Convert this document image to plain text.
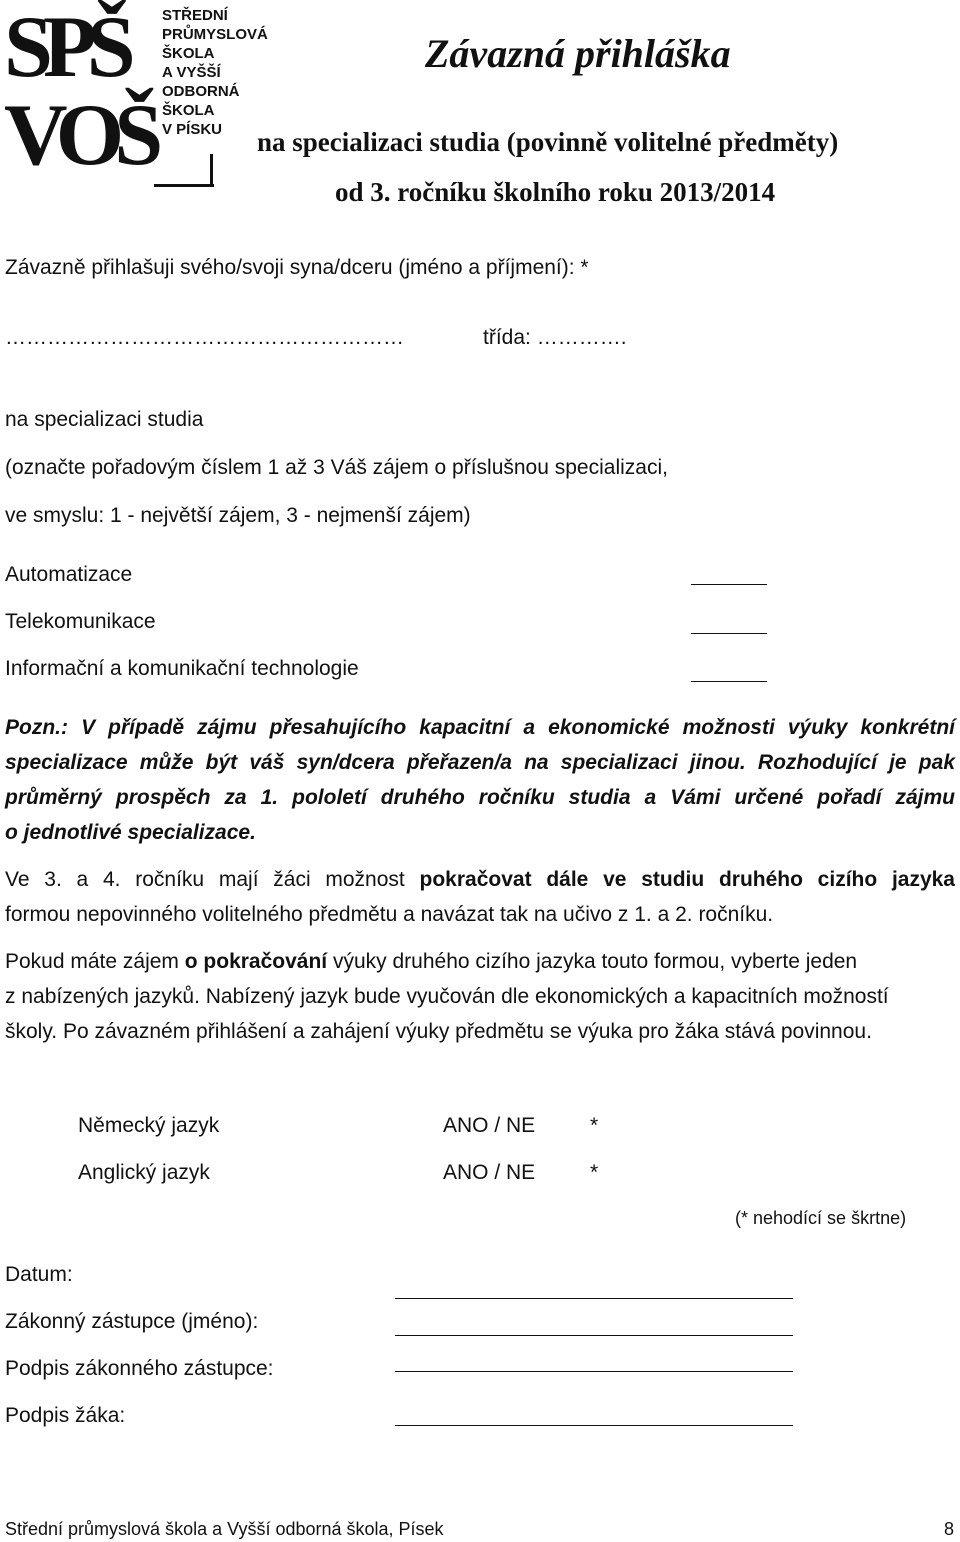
SPŠ VOŠ
STŘEDNÍ
PRŮMYSLOVÁ
ŠKOLA
A VYŠŠÍ
ODBORNÁ
ŠKOLA
V PÍSKU
Závazná přihláška
na specializaci studia (povinně volitelné předměty)
od 3. ročníku školního roku 2013/2014
Závazně přihlašuji svého/svoji syna/dceru (jméno a příjmení): *
…………………………………………………	třída: ………….
na specializaci studia
(označte pořadovým číslem 1 až 3 Váš zájem o příslušnou specializaci,
ve smyslu: 1 - největší zájem, 3 - nejmenší zájem)
Automatizace
Telekomunikace
Informační a komunikační technologie
Pozn.: V případě zájmu přesahujícího kapacitní a ekonomické možnosti výuky konkrétní
specializace může být váš syn/dcera přeřazen/a na specializaci jinou. Rozhodující je pak
průměrný prospěch za 1. pololetí druhého ročníku studia a Vámi určené pořadí zájmu
o jednotlivé specializace.
Ve 3. a 4. ročníku mají žáci možnost pokračovat dále ve studiu druhého cizího jazyka
formou nepovinného volitelného předmětu a navázat tak na učivo z 1. a 2. ročníku.
Pokud máte zájem o pokračování výuky druhého cizího jazyka touto formou, vyberte jeden
z nabízených jazyků. Nabízený jazyk bude vyučován dle ekonomických a kapacitních možností
školy. Po závazném přihlášení a zahájení výuky předmětu se výuka pro žáka stává povinnou.
Německý jazyk	ANO / NE	*
Anglický jazyk	ANO / NE	*
(* nehodící se škrtne)
Datum:
Zákonný zástupce (jméno):
Podpis zákonného zástupce:
Podpis žáka:
Střední průmyslová škola a Vyšší odborná škola, Písek	8
